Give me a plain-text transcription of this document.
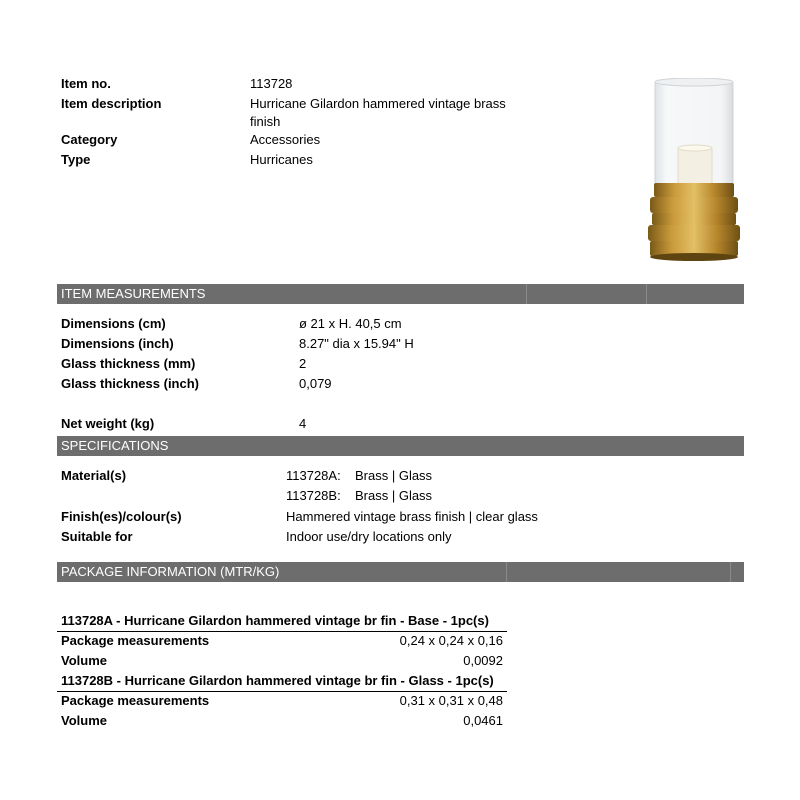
Item no.	113728
Item description	Hurricane Gilardon hammered vintage brass
finish
Category	Accessories
Type	Hurricanes
ITEM MEASUREMENTS
Dimensions (cm)	ø 21 x H. 40,5 cm
Dimensions (inch)	8.27" dia x 15.94" H
Glass thickness (mm)	2
Glass thickness (inch)	0,079
Net weight (kg)	4
SPECIFICATIONS
Material(s)	113728A: Brass | Glass
113728B: Brass | Glass
Finish(es)/colour(s)	Hammered vintage brass finish | clear glass
Suitable for	Indoor use/dry locations only
PACKAGE INFORMATION (MTR/KG)
113728A - Hurricane Gilardon hammered vintage br fin - Base - 1pc(s)
Package measurements	0,24 x 0,24 x 0,16
Volume	0,0092
113728B - Hurricane Gilardon hammered vintage br fin - Glass - 1pc(s)
Package measurements	0,31 x 0,31 x 0,48
Volume	0,0461
